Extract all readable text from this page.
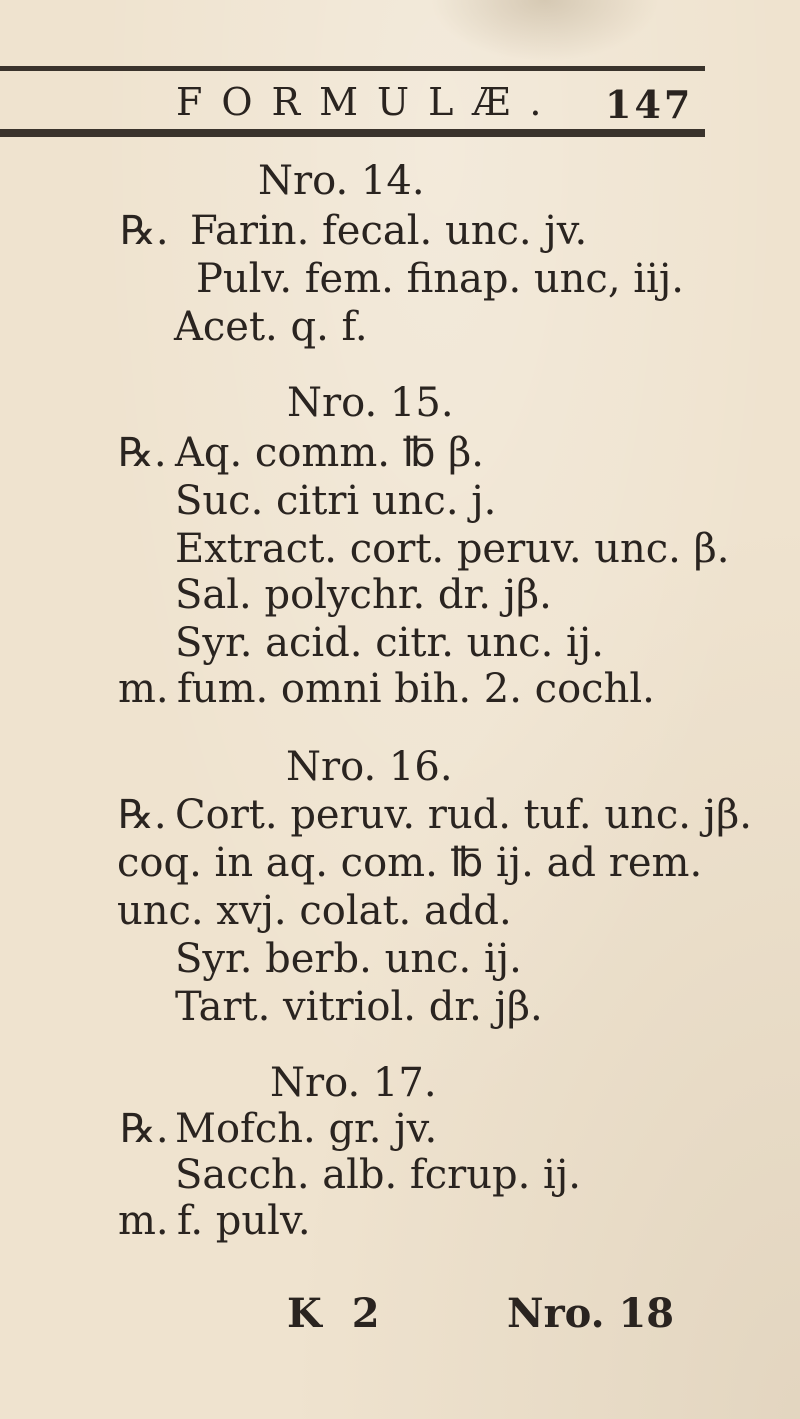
FORMULÆ. 147
Nro. 14.
℞. Farin. fecal. unc. jv.
Pulv. fem. finap. unc, iij.
Acet. q. f.
Nro. 15.
℞. Aq. comm. ℔ β.
Suc. citri unc. j.
Extract. cort. peruv. unc. β.
Sal. polychr. dr. jβ.
Syr. acid. citr. unc. ij.
m. fum. omni bih. 2. cochl.
Nro. 16.
℞. Cort. peruv. rud. tuf. unc. jβ.
coq. in aq. com. ℔ ij. ad rem.
unc. xvj. colat. add.
Syr. berb. unc. ij.
Tart. vitriol. dr. jβ.
Nro. 17.
℞. Mofch. gr. jv.
Sacch. alb. fcrup. ij.
m. f. pulv.
K 2	Nro. 18
